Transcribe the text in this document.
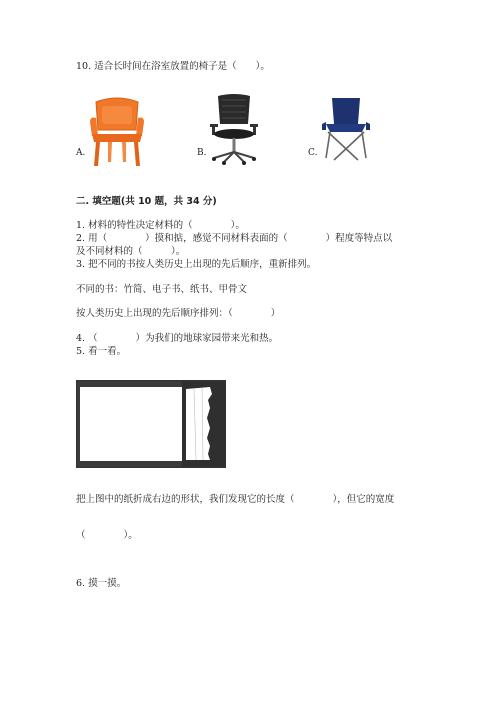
10. 适合长时间在浴室放置的椅子是（　　）。
A.	B.	C.
二. 填空题(共 10 题，共 34 分)
1. 材料的特性决定材料的（　　　　）。
2. 用（　　　　）摸和掂，感觉不同材料表面的（　　　　）程度等特点以
及不同材料的（　　　）。
3. 把不同的书按人类历史上出现的先后顺序，重新排列。
不同的书：竹简、电子书、纸书、甲骨文
按人类历史上出现的先后顺序排列：（　　　　）
4. （　　　　）为我们的地球家园带来光和热。
5. 看一看。
把上图中的纸折成右边的形状，我们发现它的长度（　　　　），但它的宽度
（　　　　）。
6. 摸一摸。
